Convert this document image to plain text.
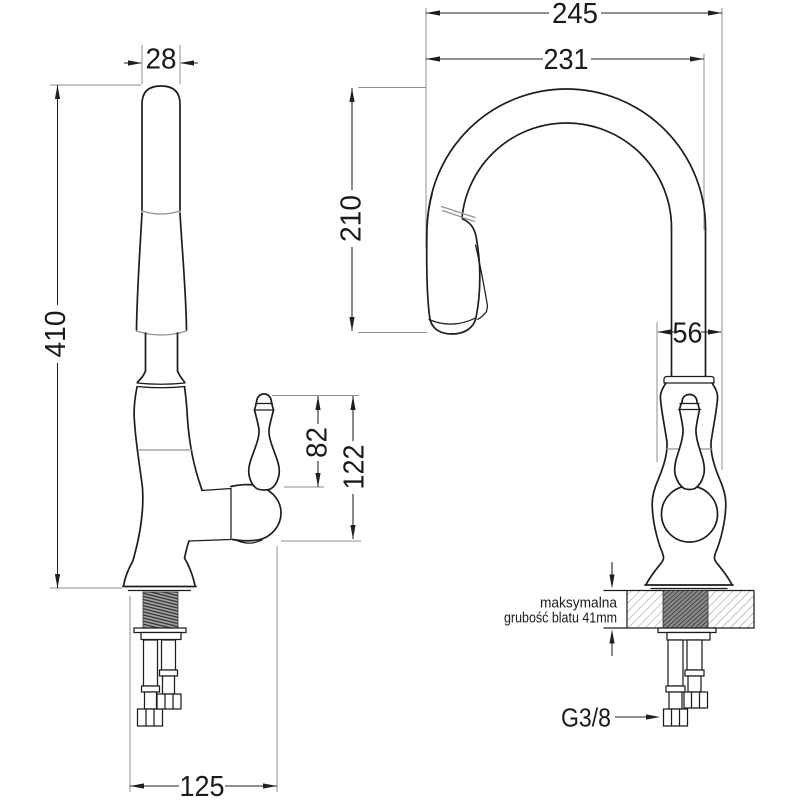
28
410
82 122
125
maksymalna
grubość blatu 41mm
245
231
210
56
G3/8
